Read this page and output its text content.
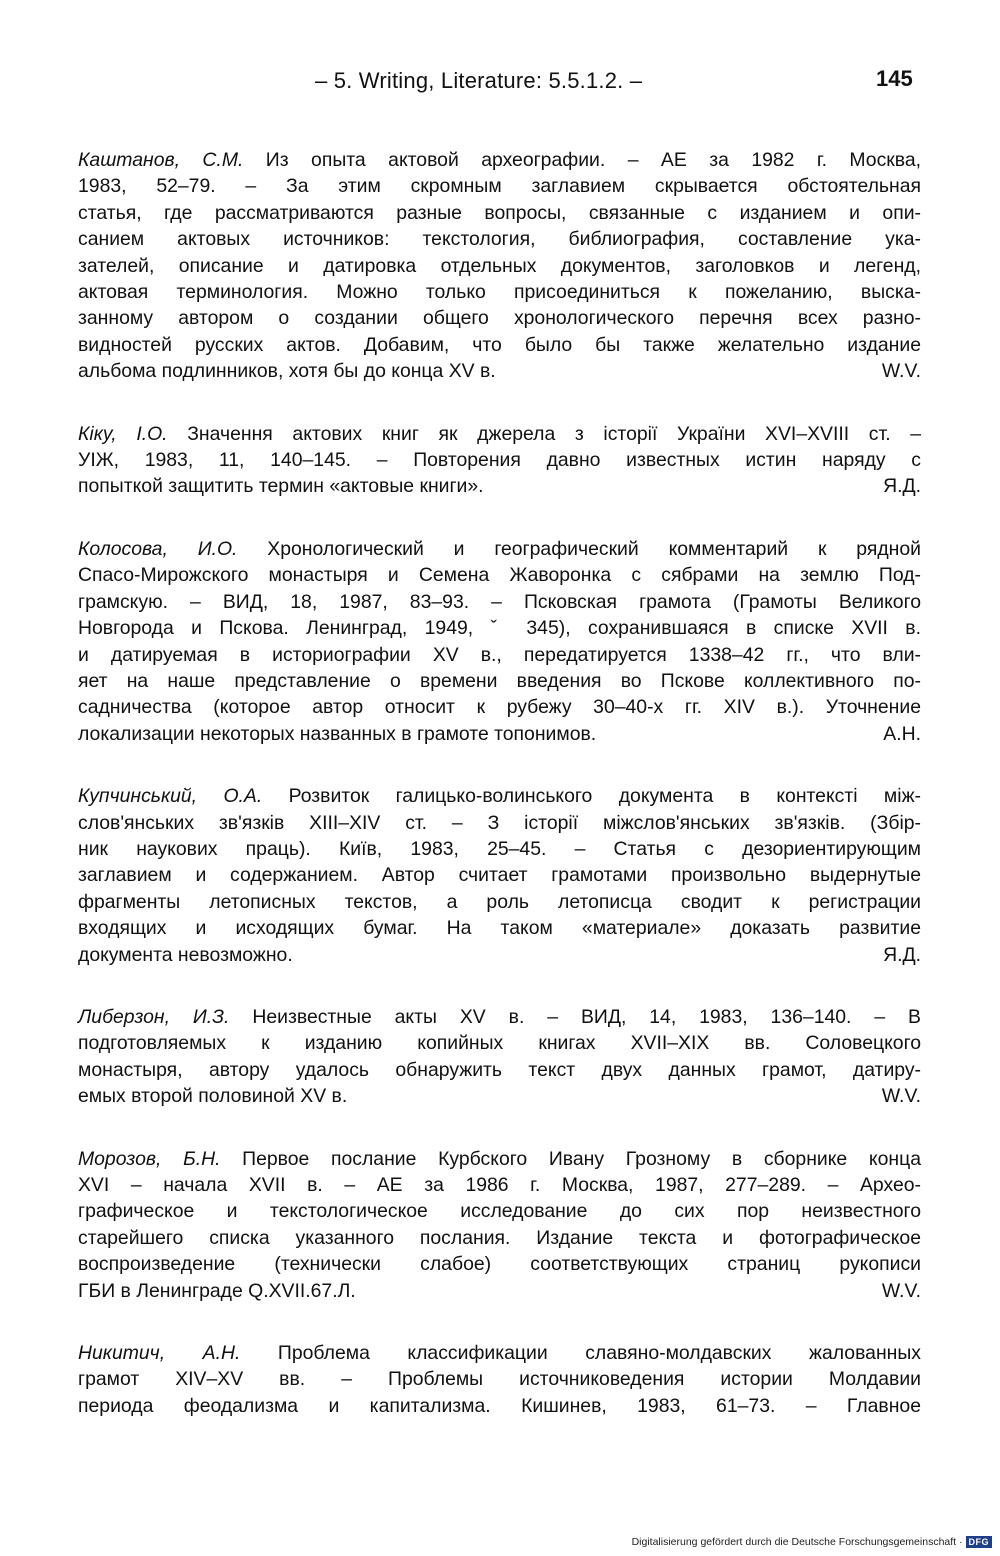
– 5. Writing, Literature: 5.5.1.2. –	145
Каштанов, С.М. Из опыта актовой археографии. – АЕ за 1982 г. Москва,
1983, 52–79. – За этим скромным заглавием скрывается обстоятельная
статья, где рассматриваются разные вопросы, связанные с изданием и опи-
санием актовых источников: текстология, библиография, составление ука-
зателей, описание и датировка отдельных документов, заголовков и легенд,
актовая терминология. Можно только присоединиться к пожеланию, выска-
занному автором о создании общего хронологического перечня всех разно-
видностей русских актов. Добавим, что было бы также желательно издание
альбома подлинников, хотя бы до конца XV в.	W.V.
Кіку, І.О. Значення актових книг як джерела з історії України XVI–XVIII ст. –
УІЖ, 1983, 11, 140–145. – Повторения давно известных истин наряду с
попыткой защитить термин «актовые книги».	Я.Д.
Колосова, И.О. Хронологический и географический комментарий к рядной
Спасо-Мирожского монастыря и Семена Жаворонка с сябрами на землю Под-
грамскую. – ВИД, 18, 1987, 83–93. – Псковская грамота (Грамоты Великого
Новгорода и Пскова. Ленинград, 1949, ˇ 345), сохранившаяся в списке XVII в.
и датируемая в историографии XV в., передатируется 1338–42 гг., что вли-
яет на наше представление о времени введения во Пскове коллективного по-
садничества (которое автор относит к рубежу 30–40-х гг. XIV в.). Уточнение
локализации некоторых названных в грамоте топонимов.	А.Н.
Купчинський, О.А. Розвиток галицько-волинського документа в контексті між-
слов'янських зв'язків XIII–XIV ст. – З історії міжслов'янських зв'язків. (Збір-
ник наукових праць). Київ, 1983, 25–45. – Статья с дезориентирующим
заглавием и содержанием. Автор считает грамотами произвольно выдернутые
фрагменты летописных текстов, а роль летописца сводит к регистрации
входящих и исходящих бумаг. На таком «материале» доказать развитие
документа невозможно.	Я.Д.
Либерзон, И.З. Неизвестные акты XV в. – ВИД, 14, 1983, 136–140. – В
подготовляемых к изданию копийных книгах XVII–XIX вв. Соловецкого
монастыря, автору удалось обнаружить текст двух данных грамот, датиру-
емых второй половиной XV в.	W.V.
Морозов, Б.Н. Первое послание Курбского Ивану Грозному в сборнике конца
XVI – начала XVII в. – АЕ за 1986 г. Москва, 1987, 277–289. – Архео-
графическое и текстологическое исследование до сих пор неизвестного
старейшего списка указанного послания. Издание текста и фотографическое
воспроизведение (технически слабое) соответствующих страниц рукописи
ГБИ в Ленинграде Q.XVII.67.Л.	W.V.
Никитич, А.Н. Проблема классификации славяно-молдавских жалованных
грамот XIV–XV вв. – Проблемы источниковедения истории Молдавии
периода феодализма и капитализма. Кишинев, 1983, 61–73. – Главное
Digitalisierung gefördert durch die Deutsche Forschungsgemeinschaft · DFG
